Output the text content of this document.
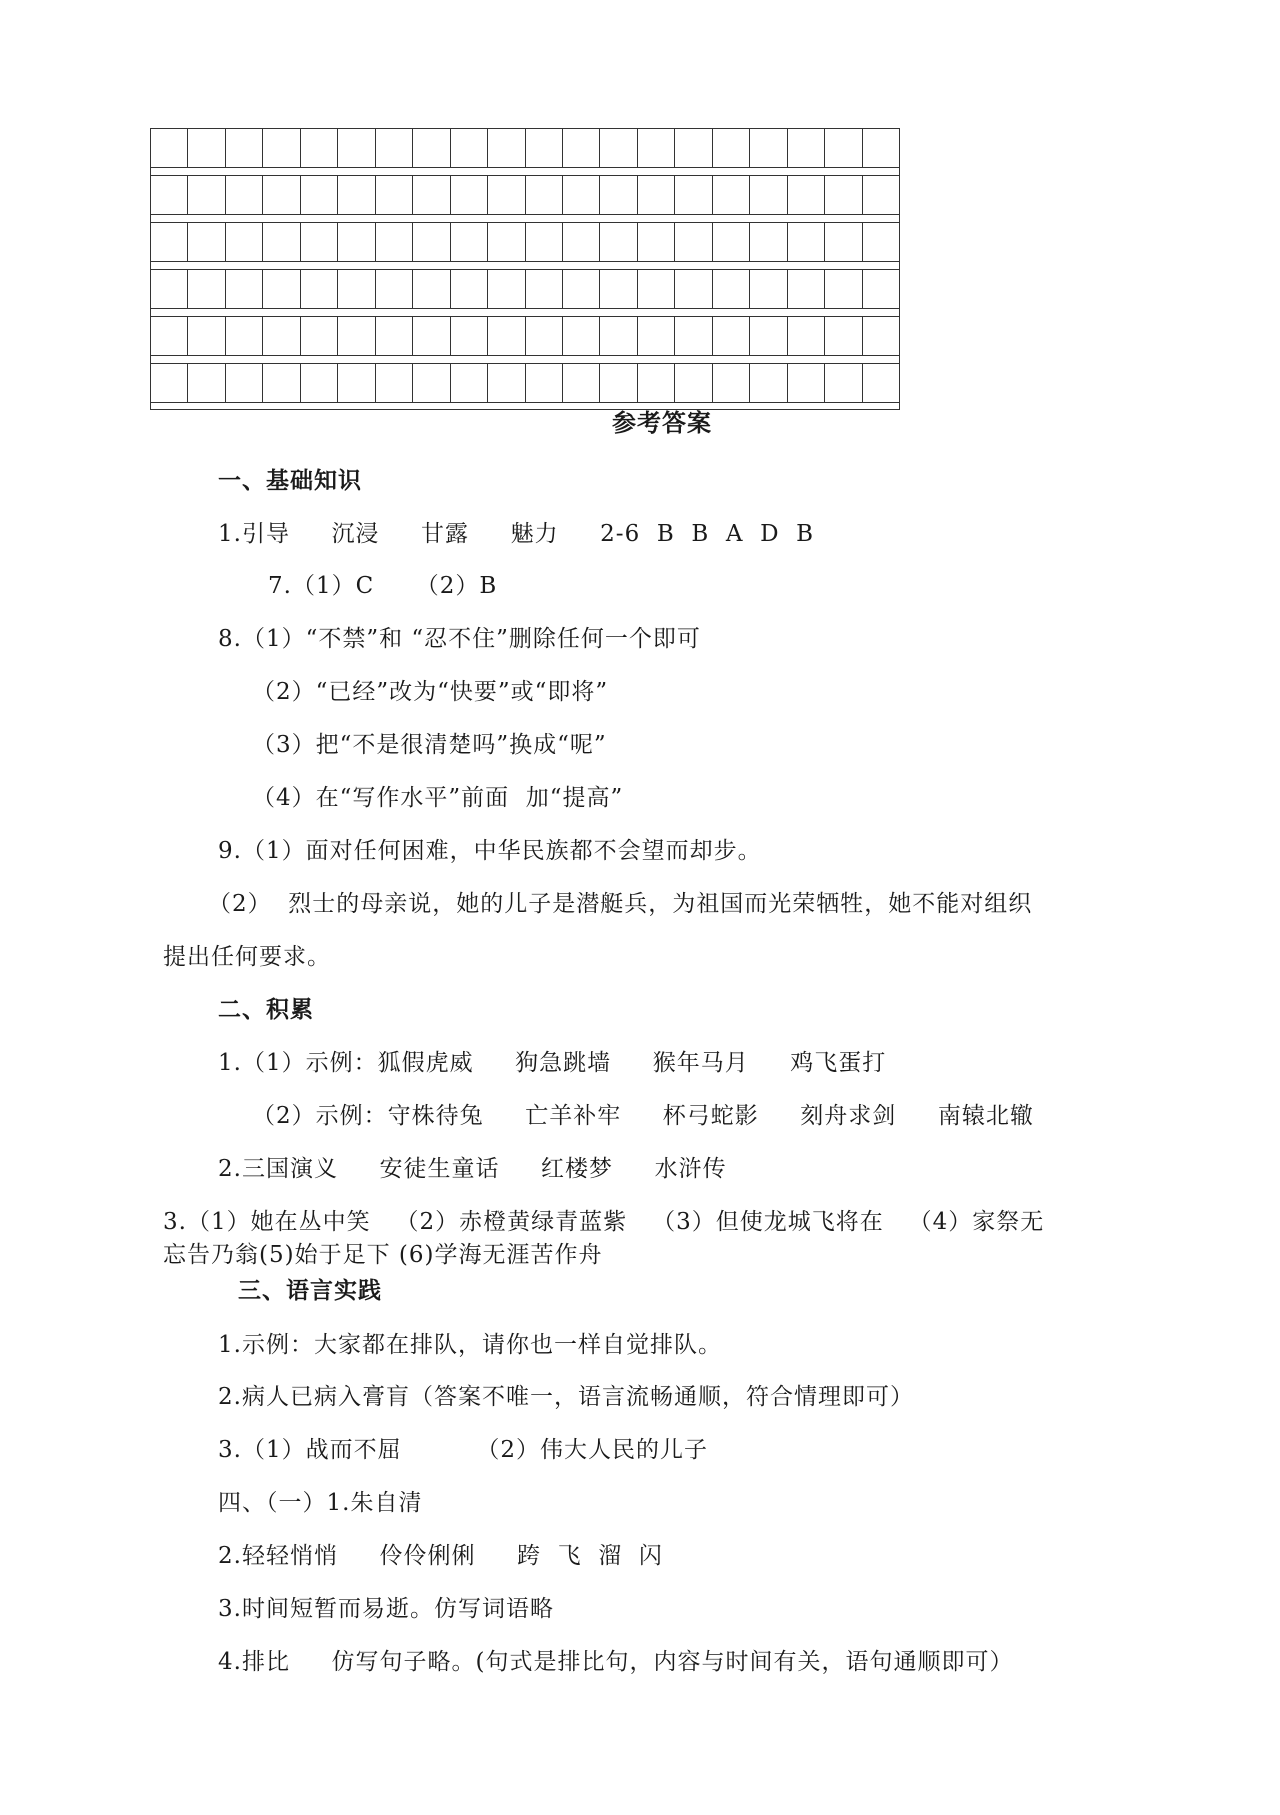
参考答案
一、基础知识
1.引导     沉浸     甘露     魅力     2-6  B  B  A  D  B
7.（1）C     （2）B
8.（1）“不禁”和 “忍不住”删除任何一个即可
（2）“已经”改为“快要”或“即将”
（3）把“不是很清楚吗”换成“呢”
（4）在“写作水平”前面  加“提高”
9.（1）面对任何困难，中华民族都不会望而却步。
（2）  烈士的母亲说，她的儿子是潜艇兵，为祖国而光荣牺牲，她不能对组织
提出任何要求。
二、积累
1.（1）示例：狐假虎威     狗急跳墙     猴年马月     鸡飞蛋打
（2）示例：守株待兔     亡羊补牢     杯弓蛇影     刻舟求剑     南辕北辙
2.三国演义     安徒生童话     红楼梦     水浒传
3.（1）她在丛中笑   （2）赤橙黄绿青蓝紫   （3）但使龙城飞将在   （4）家祭无
忘告乃翁(5)始于足下 (6)学海无涯苦作舟
三、语言实践
1.示例：大家都在排队，请你也一样自觉排队。
2.病人已病入膏肓（答案不唯一，语言流畅通顺，符合情理即可）
3.（1）战而不屈         （2）伟大人民的儿子
四、（一）1.朱自清
2.轻轻悄悄     伶伶俐俐     跨  飞  溜  闪
3.时间短暂而易逝。仿写词语略
4.排比     仿写句子略。(句式是排比句，内容与时间有关，语句通顺即可）
